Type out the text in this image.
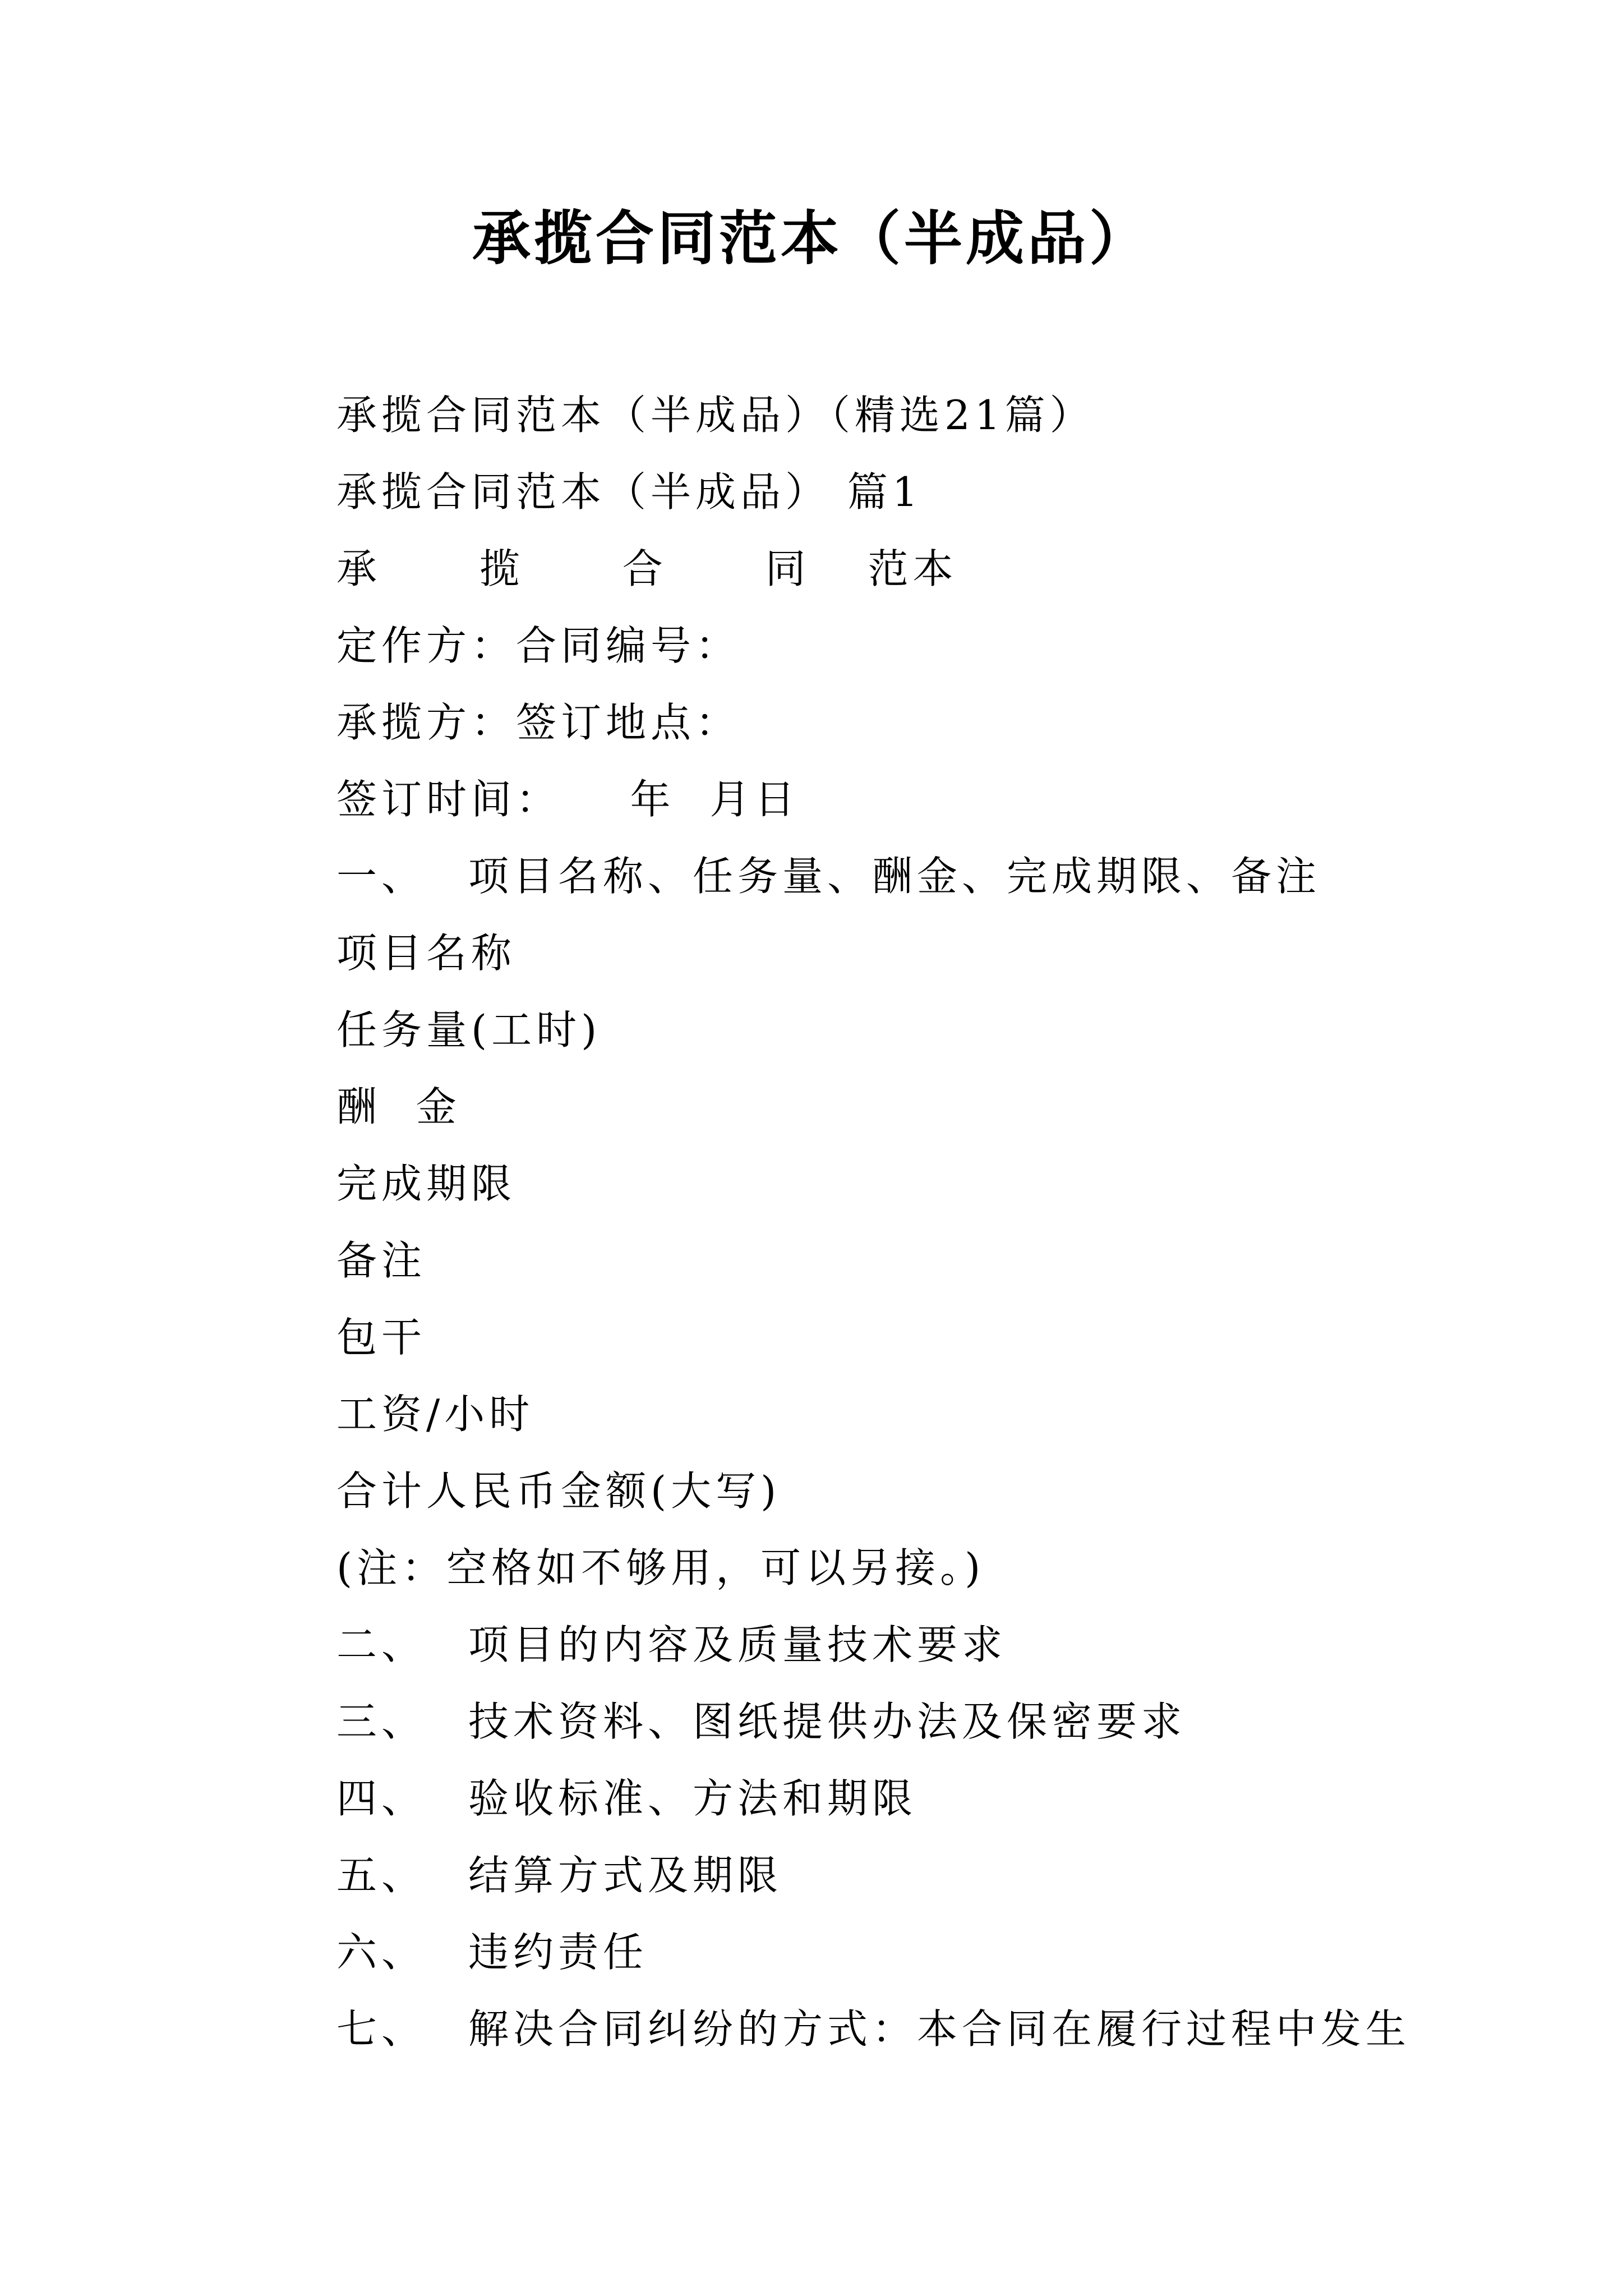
承揽合同范本（半成品）
承揽合同范本（半成品）（精选21篇）
承揽合同范本（半成品） 篇1
承 揽 合 同 范本
定作方：合同编号：
承揽方：签订地点：
签订时间：    年  月日
一、 项目名称、任务量、酬金、完成期限、备注
项目名称
任务量(工时)
酬  金
完成期限
备注
包干
工资/小时
合计人民币金额(大写)
(注：空格如不够用，可以另接。)
二、 项目的内容及质量技术要求
三、 技术资料、图纸提供办法及保密要求
四、 验收标准、方法和期限
五、 结算方式及期限
六、 违约责任
七、 解决合同纠纷的方式：本合同在履行过程中发生
